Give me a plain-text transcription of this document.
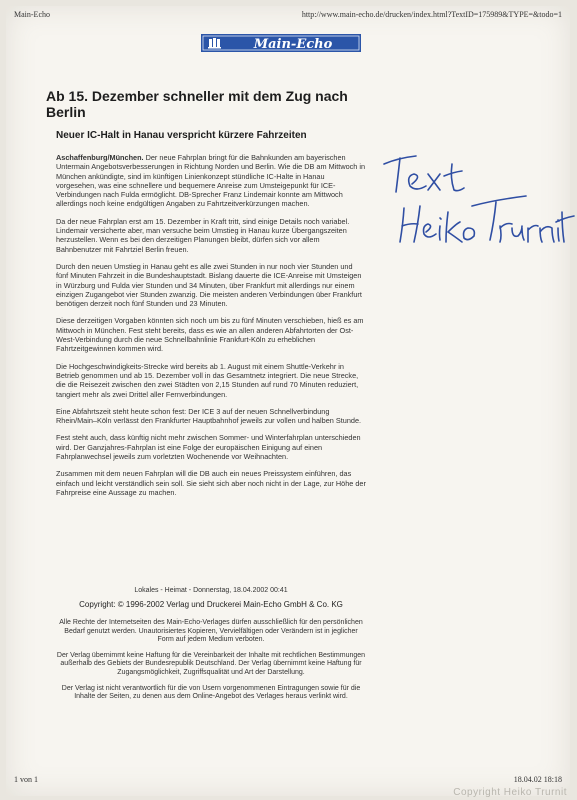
Main-Echo	http://www.main-echo.de/drucken/index.html?TextID=175989&TYPE=&todo=1
Main-Echo
Ab 15. Dezember schneller mit dem Zug nach Berlin
Neuer IC-Halt in Hanau verspricht kürzere Fahrzeiten

Aschaffenburg/München. Der neue Fahrplan bringt für die Bahnkunden am bayerischen Untermain Angebotsverbesserungen in Richtung Norden und Berlin. Wie die DB am Mittwoch in München ankündigte, sind im künftigen Linienkonzept stündliche IC-Halte in Hanau vorgesehen, was eine schnellere und bequemere Anreise zum Umsteigepunkt für ICE-Verbindungen nach Fulda ermöglicht. DB-Sprecher Franz Lindemair konnte am Mittwoch allerdings noch keine endgültigen Angaben zu Fahrtzeitverkürzungen machen.

Da der neue Fahrplan erst am 15. Dezember in Kraft tritt, sind einige Details noch variabel. Lindemair versicherte aber, man versuche beim Umstieg in Hanau kurze Übergangszeiten herzustellen. Wenn es bei den derzeitigen Planungen bleibt, dürfen sich vor allem Bahnbenutzer mit Fahrtziel Berlin freuen.

Durch den neuen Umstieg in Hanau geht es alle zwei Stunden in nur noch vier Stunden und fünf Minuten Fahrzeit in die Bundeshauptstadt. Bislang dauerte die ICE-Anreise mit Umsteigen in Würzburg und Fulda vier Stunden und 34 Minuten, über Frankfurt mit allerdings nur einem einzigen Zugangebot vier Stunden zwanzig. Die meisten anderen Verbindungen über Frankfurt benötigen derzeit noch fünf Stunden und 23 Minuten.

Diese derzeitigen Vorgaben könnten sich noch um bis zu fünf Minuten verschieben, hieß es am Mittwoch in München. Fest steht bereits, dass es wie an allen anderen Abfahrtorten der Ost-West-Verbindung durch die neue Schnellbahnlinie Frankfurt-Köln zu erheblichen Fahrtzeitgewinnen kommen wird.

Die Hochgeschwindigkeits-Strecke wird bereits ab 1. August mit einem Shuttle-Verkehr in Betrieb genommen und ab 15. Dezember voll in das Gesamtnetz integriert. Die neue Strecke, die die Reisezeit zwischen den zwei Städten von 2,15 Stunden auf rund 70 Minuten reduziert, tangiert mehr als zwei Drittel aller Fernverbindungen.

Eine Abfahrtszeit steht heute schon fest: Der ICE 3 auf der neuen Schnellverbindung Rhein/Main–Köln verlässt den Frankfurter Hauptbahnhof jeweils zur vollen und halben Stunde.

Fest steht auch, dass künftig nicht mehr zwischen Sommer- und Winterfahrplan unterschieden wird. Der Ganzjahres-Fahrplan ist eine Folge der europäischen Einigung auf einen Fahrplanwechsel jeweils zum vorletzten Wochenende vor Weihnachten.

Zusammen mit dem neuen Fahrplan will die DB auch ein neues Preissystem einführen, das einfach und leicht verständlich sein soll. Sie sieht sich aber noch nicht in der Lage, zur Höhe der Fahrpreise eine Aussage zu machen.

Lokales - Heimat - Donnerstag, 18.04.2002 00:41
Copyright: © 1996-2002 Verlag und Druckerei Main-Echo GmbH & Co. KG

Alle Rechte der Internetseiten des Main-Echo-Verlages dürfen ausschließlich für den persönlichen Bedarf genutzt werden. Unautorisiertes Kopieren, Vervielfältigen oder Verändern ist in jeglicher Form auf jedem Medium verboten.

Der Verlag übernimmt keine Haftung für die Vereinbarkeit der Inhalte mit rechtlichen Bestimmungen außerhalb des Gebiets der Bundesrepublik Deutschland. Der Verlag übernimmt keine Haftung für Zugangsmöglichkeit, Zugriffsqualität und Art der Darstellung.

Der Verlag ist nicht verantwortlich für die von Usern vorgenommenen Eintragungen sowie für die Inhalte der Seiten, zu denen aus dem Online-Angebot des Verlages heraus verlinkt wird.

1 von 1	18.04.02 18:18
Copyright Heiko Trurnit
